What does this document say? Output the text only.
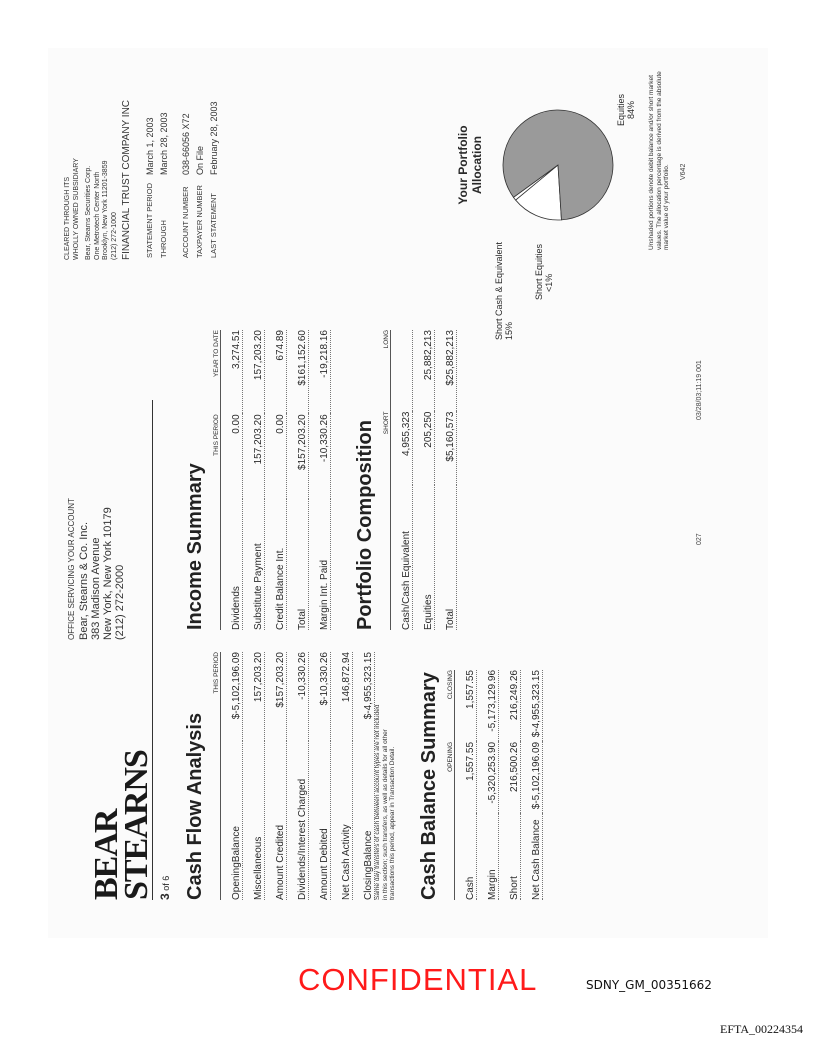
BEAR
STEARNS
OFFICE SERVICING YOUR ACCOUNT Bear, Stearns & Co. Inc. 383 Madison Avenue New York, New York 10179 (212) 272-2000
3 of 6
CLEARED THROUGH ITS WHOLLY OWNED SUBSIDIARY Bear, Stearns Securities Corp. One Metrotech Center North Brooklyn, New York 11201-3859 (212) 272-1000 FINANCIAL TRUST COMPANY INC STATEMENT PERIOD	March 1, 2003
THROUGH	March 28, 2003

ACCOUNT NUMBER	038-66056 X72
TAXPAYER NUMBER	On File
LAST STATEMENT	February 28, 2003
Cash Flow Analysis
	THIS PERIOD
OpeningBalance	$-5,102,196.09
Miscellaneous	157,203.20
Amount Credited	$157,203.20
Dividends/Interest Charged	-10,330.26
Amount Debited	$-10,330.26
Net Cash Activity	146,872.94
ClosingBalance	$-4,955,323.15
Same day transfers of cash between account types are not included in this section; such transfers, as well as details for all other transactions this period, appear in Transaction Detail. Cash Balance Summary
	OPENING	CLOSING
Cash	1,557.55	1,557.55
Margin	-5,320,253.90	-5,173,129.96
Short	216,500.26	216,249.26
Net Cash Balance	$-5,102,196.09	$-4,955,323.15
Income Summary
	THIS PERIOD	YEAR TO DATE
Dividends	0.00	3,274.51
Substitute Payment	157,203.20	157,203.20
Credit Balance Int.	0.00	674.89
Total	$157,203.20	$161,152.60
Margin Int. Paid	-10,330.26	-19,218.16
Portfolio Composition
	SHORT	LONG
Cash/Cash Equivalent	4,955,323	
Equities	205,250	25,882,213
Total	$5,160,573	$25,882,213
027
03/28/03;11:19 001
Your Portfolio Allocation
Short Cash & Equivalent 15%
Short Equities <1%
Equities 84% Unshaded portions denote debit balance and/or short market values. The allocation percentage is derived from the absolute market value of your portfolio. V642
CONFIDENTIAL	SDNY_GM_00351662
EFTA_00224354
